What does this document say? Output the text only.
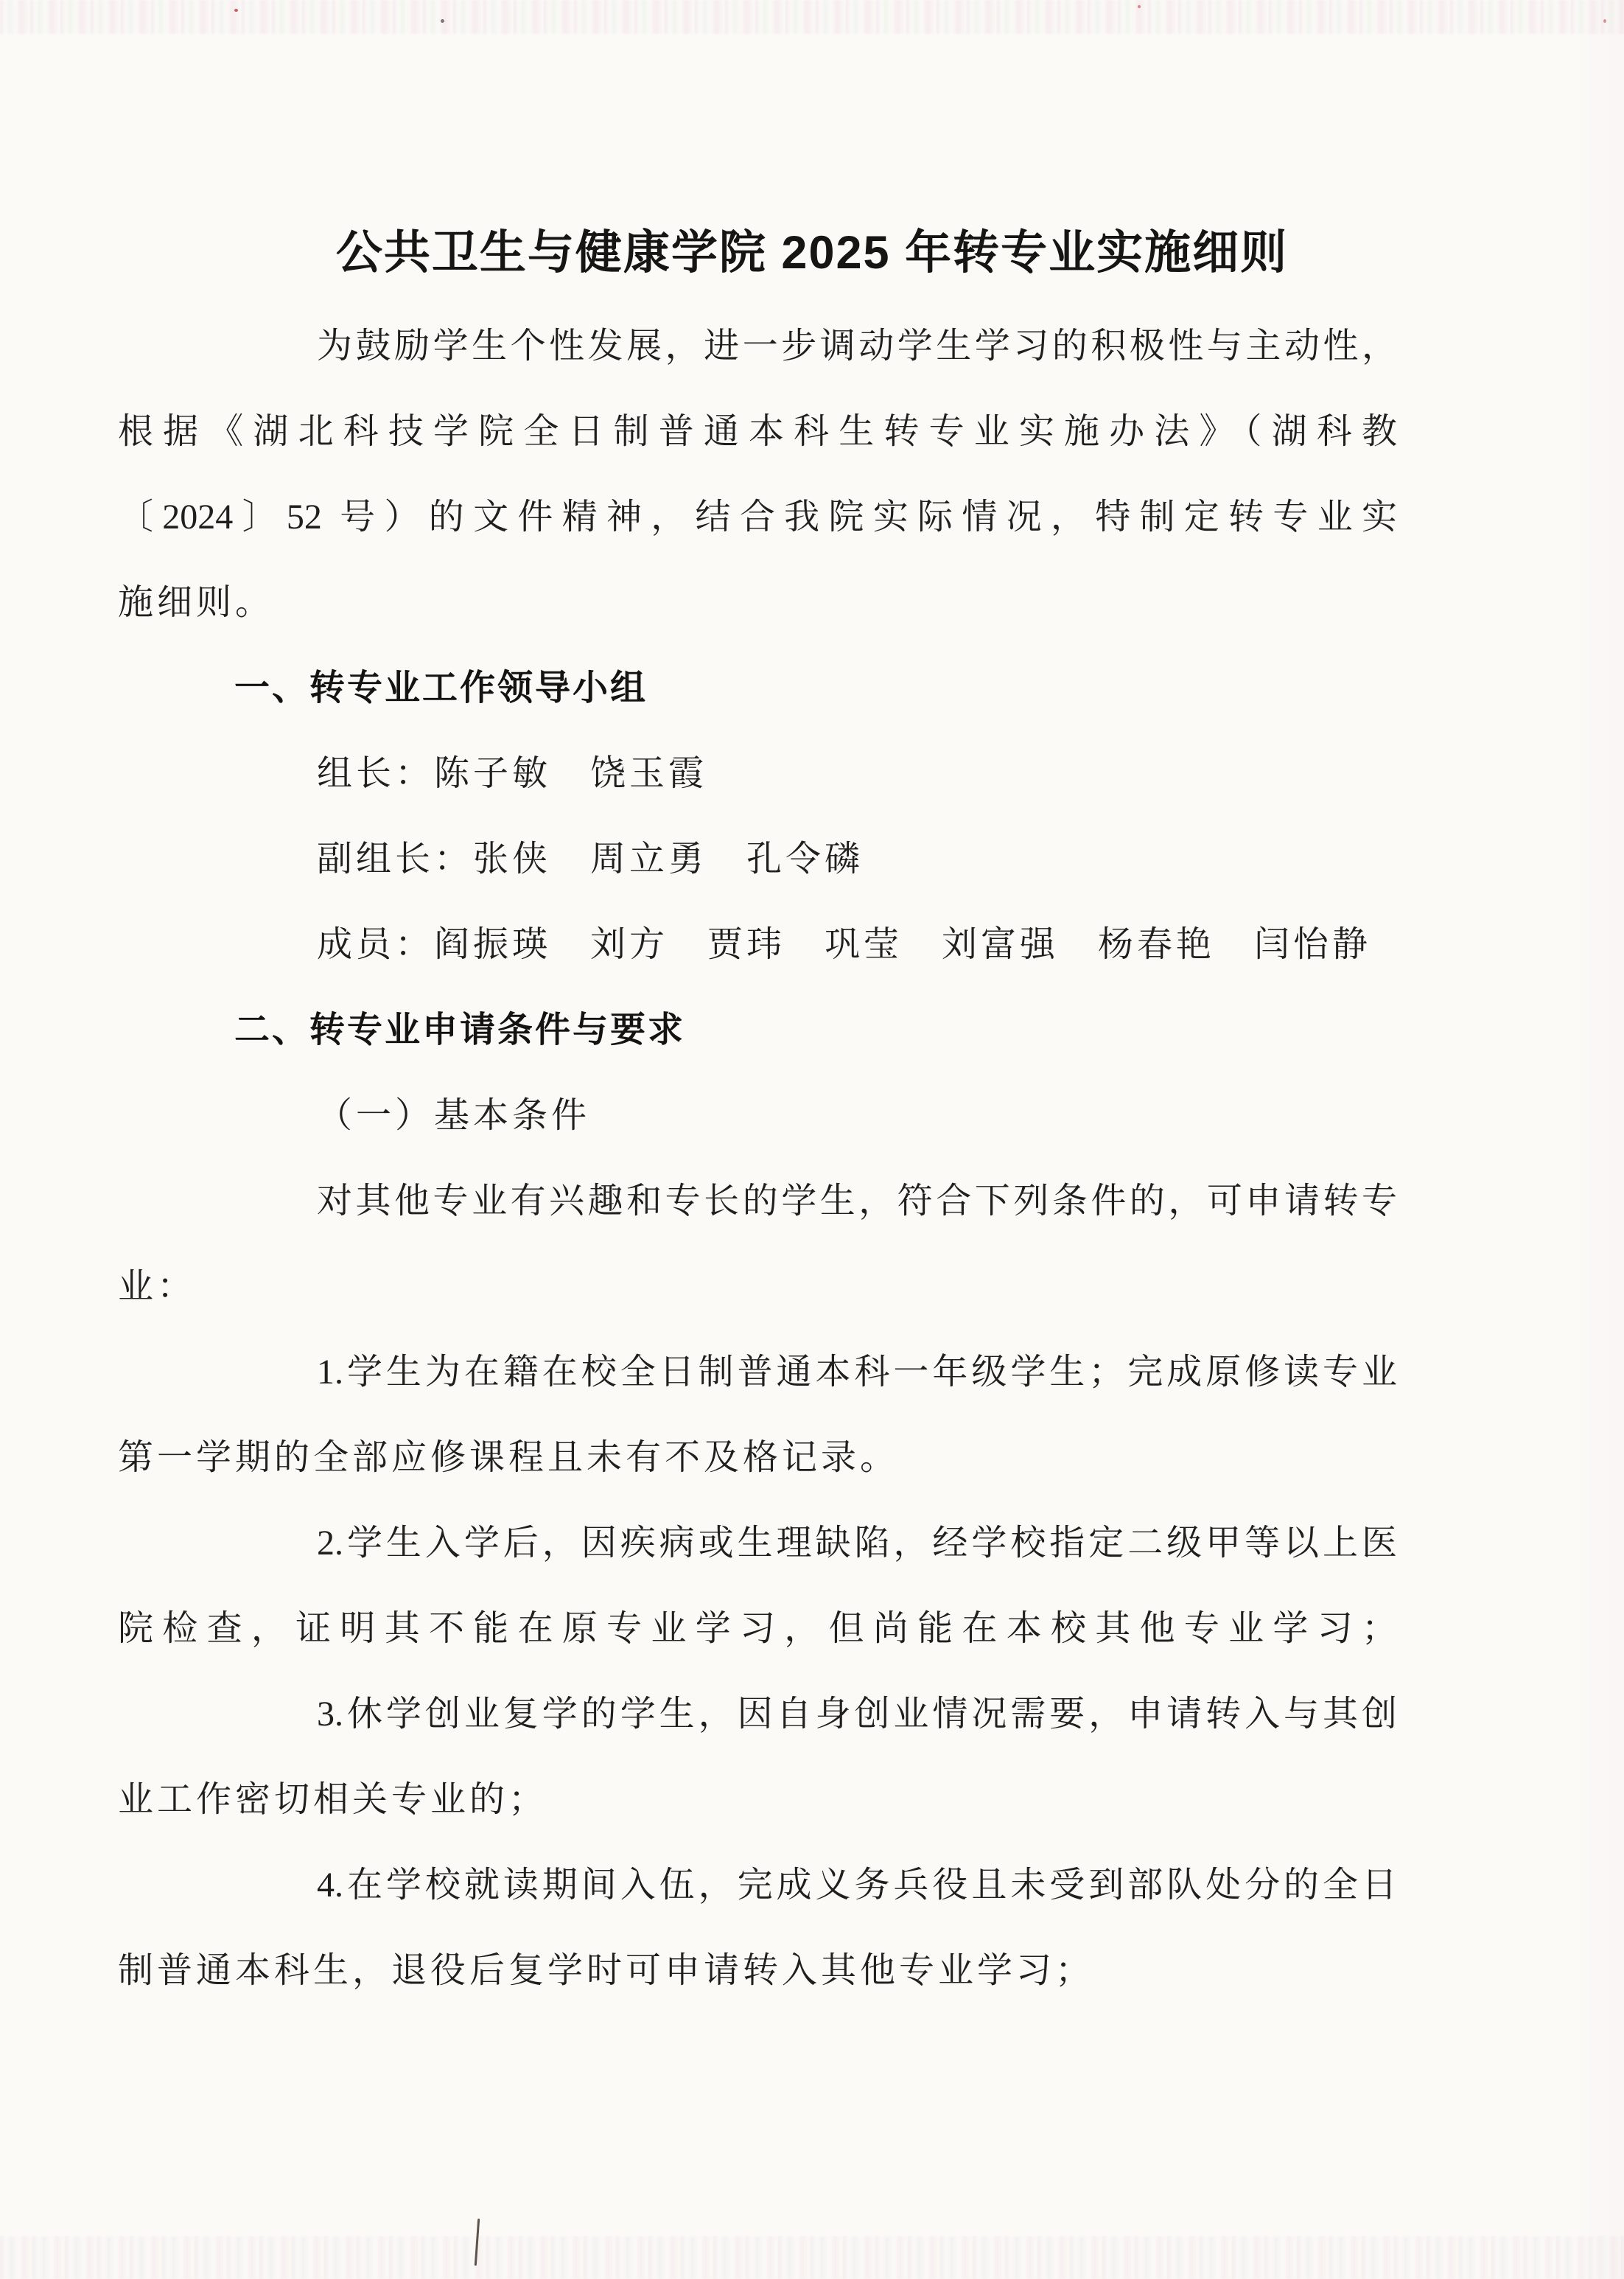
公共卫生与健康学院 2025 年转专业实施细则
为鼓励学生个性发展，进一步调动学生学习的积极性与主动性，
根据《湖北科技学院全日制普通本科生转专业实施办法》（湖科教
〔2024〕52 号）的文件精神，结合我院实际情况，特制定转专业实
施细则。
一、转专业工作领导小组
组长：陈子敏　饶玉霞
副组长：张侠　周立勇　孔令磷
成员：阎振瑛　刘方　贾玮　巩莹　刘富强　杨春艳　闫怡静
二、转专业申请条件与要求
（一）基本条件
对其他专业有兴趣和专长的学生，符合下列条件的，可申请转专
业：
1.学生为在籍在校全日制普通本科一年级学生；完成原修读专业
第一学期的全部应修课程且未有不及格记录。
2.学生入学后，因疾病或生理缺陷，经学校指定二级甲等以上医
院检查，证明其不能在原专业学习，但尚能在本校其他专业学习；
3.休学创业复学的学生，因自身创业情况需要，申请转入与其创
业工作密切相关专业的；
4.在学校就读期间入伍，完成义务兵役且未受到部队处分的全日
制普通本科生，退役后复学时可申请转入其他专业学习；
